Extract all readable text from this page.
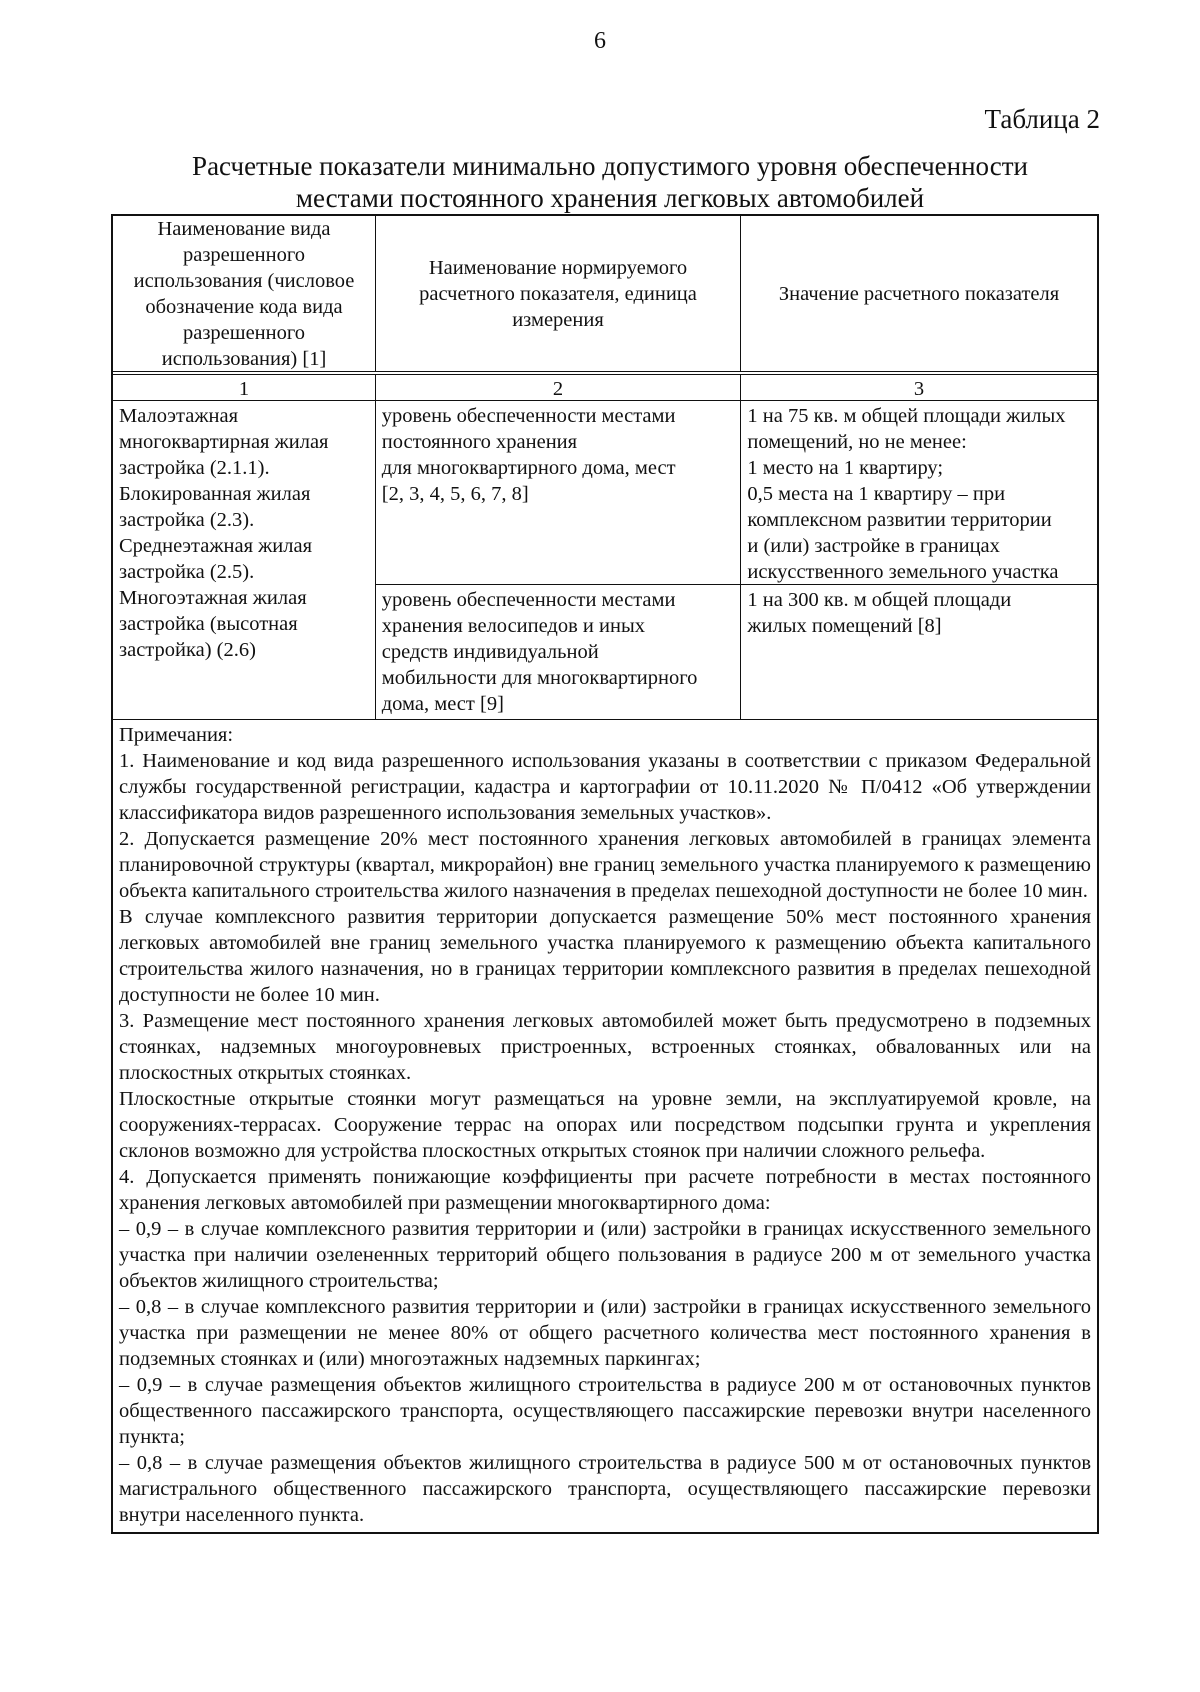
6
Таблица 2
Расчетные показатели минимально допустимого уровня обеспеченности
местами постоянного хранения легковых автомобилей
Наименование вида разрешенного использования (числовое обозначение кода вида разрешенного использования) [1]
Наименование нормируемого расчетного показателя, единица измерения
Значение расчетного показателя
1	2	3
Малоэтажная
многоквартирная жилая
застройка (2.1.1).
Блокированная жилая
застройка (2.3).
Среднеэтажная жилая
застройка (2.5).
Многоэтажная жилая
застройка (высотная
застройка) (2.6)
уровень обеспеченности местами
постоянного хранения
для многоквартирного дома, мест
[2, 3, 4, 5, 6, 7, 8]
уровень обеспеченности местами
хранения велосипедов и иных
средств индивидуальной
мобильности для многоквартирного
дома, мест [9]
1 на 75 кв. м общей площади жилых
помещений, но не менее:
1 место на 1 квартиру;
0,5 места на 1 квартиру – при
комплексном развитии территории
и (или) застройке в границах
искусственного земельного участка
1 на 300 кв. м общей площади
жилых помещений [8]

Примечания:

1. Наименование и код вида разрешенного использования указаны в соответствии с приказом Федеральной службы государственной регистрации, кадастра и картографии от 10.11.2020 № П/0412 «Об утверждении классификатора видов разрешенного использования земельных участков».

2. Допускается размещение 20% мест постоянного хранения легковых автомобилей в границах элемента планировочной структуры (квартал, микрорайон) вне границ земельного участка планируемого к размещению объекта капитального строительства жилого назначения в пределах пешеходной доступности не более 10 мин.

В случае комплексного развития территории допускается размещение 50% мест постоянного хранения легковых автомобилей вне границ земельного участка планируемого к размещению объекта капитального строительства жилого назначения, но в границах территории комплексного развития в пределах пешеходной доступности не более 10 мин.

3. Размещение мест постоянного хранения легковых автомобилей может быть предусмотрено в подземных стоянках, надземных многоуровневых пристроенных, встроенных стоянках, обвалованных или на плоскостных открытых стоянках.

Плоскостные открытые стоянки могут размещаться на уровне земли, на эксплуатируемой кровле, на сооружениях-террасах. Сооружение террас на опорах или посредством подсыпки грунта и укрепления склонов возможно для устройства плоскостных открытых стоянок при наличии сложного рельефа.

4. Допускается применять понижающие коэффициенты при расчете потребности в местах постоянного хранения легковых автомобилей при размещении многоквартирного дома:

– 0,9 – в случае комплексного развития территории и (или) застройки в границах искусственного земельного участка при наличии озелененных территорий общего пользования в радиусе 200 м от земельного участка объектов жилищного строительства;

– 0,8 – в случае комплексного развития территории и (или) застройки в границах искусственного земельного участка при размещении не менее 80% от общего расчетного количества мест постоянного хранения в подземных стоянках и (или) многоэтажных надземных паркингах;

– 0,9 – в случае размещения объектов жилищного строительства в радиусе 200 м от остановочных пунктов общественного пассажирского транспорта, осуществляющего пассажирские перевозки внутри населенного пункта;

– 0,8 – в случае размещения объектов жилищного строительства в радиусе 500 м от остановочных пунктов магистрального общественного пассажирского транспорта, осуществляющего пассажирские перевозки внутри населенного пункта.
